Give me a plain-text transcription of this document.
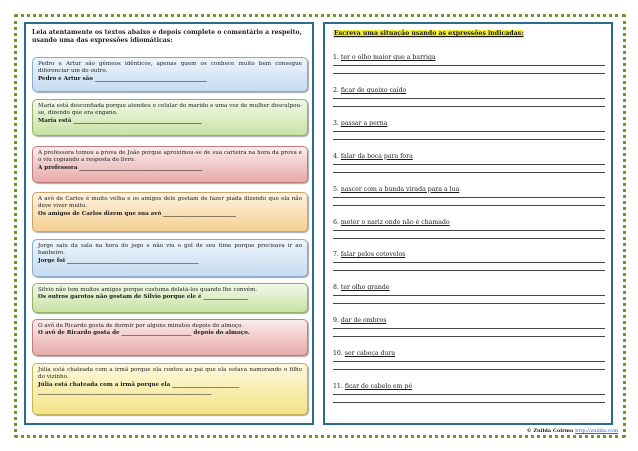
Leia atentamente os textos abaixo e depois complete o comentário a respeito, usando uma das expressões idiomáticas:
Pedro e Artur são gêmeos idênticos, apenas quem os conhece muito bem consegue diferenciar um do outro.
Pedro e Artur são ________________________________________
Maria está desconfiada porque atendeu o celular do marido e uma voz de mulher desculpou-se, dizendo que era engano.
Maria está ______________________________________________
A professora tomou a prova de João porque aproximou-se de sua carteira na hora da prova e o viu copiando a resposta do livro.
A professora ____________________________________________
A avó de Carlos é muito velha e os amigos dele gostam de fazer piada dizendo que ela não deve viver muito.
Os amigos de Carlos dizem que sua avó __________________________
Jorge saiu da sala na hora do jogo e não viu o gol de seu time porque precisava ir ao banheiro.
Jorge foi _______________________________________________
Silvio não tem muitos amigos porque costuma delatá-los quando lhe convém.
Os outros garotos não gostam de Silvio porque ele é ________________
O avô de Ricardo gosta de dormir por alguns minutos depois do almoço.
O avô de Ricardo gosta de _________________________ depois do almoço.
Júlia está chateada com a irmã porque ela contou ao pai que ela estava namorando o filho do vizinho.
Júlia está chateada com a irmã porque ela ________________________
______________________________________________________________
Escreva uma situação usando as expressões indicadas:
1. ter o olho maior que a barriga
2. ficar de queixo caído
3. passar a perna
4. falar da boca para fora
5. nascer com a bunda virada para a lua
6. meter o nariz onde não é chamado
7. falar pelos cotovelos
8. ter olho grande
9. dar de ombros
10. ser cabeça dura
11. ficar de cabelo em pé
© Zuilda Coirmo http://zuilda.com
